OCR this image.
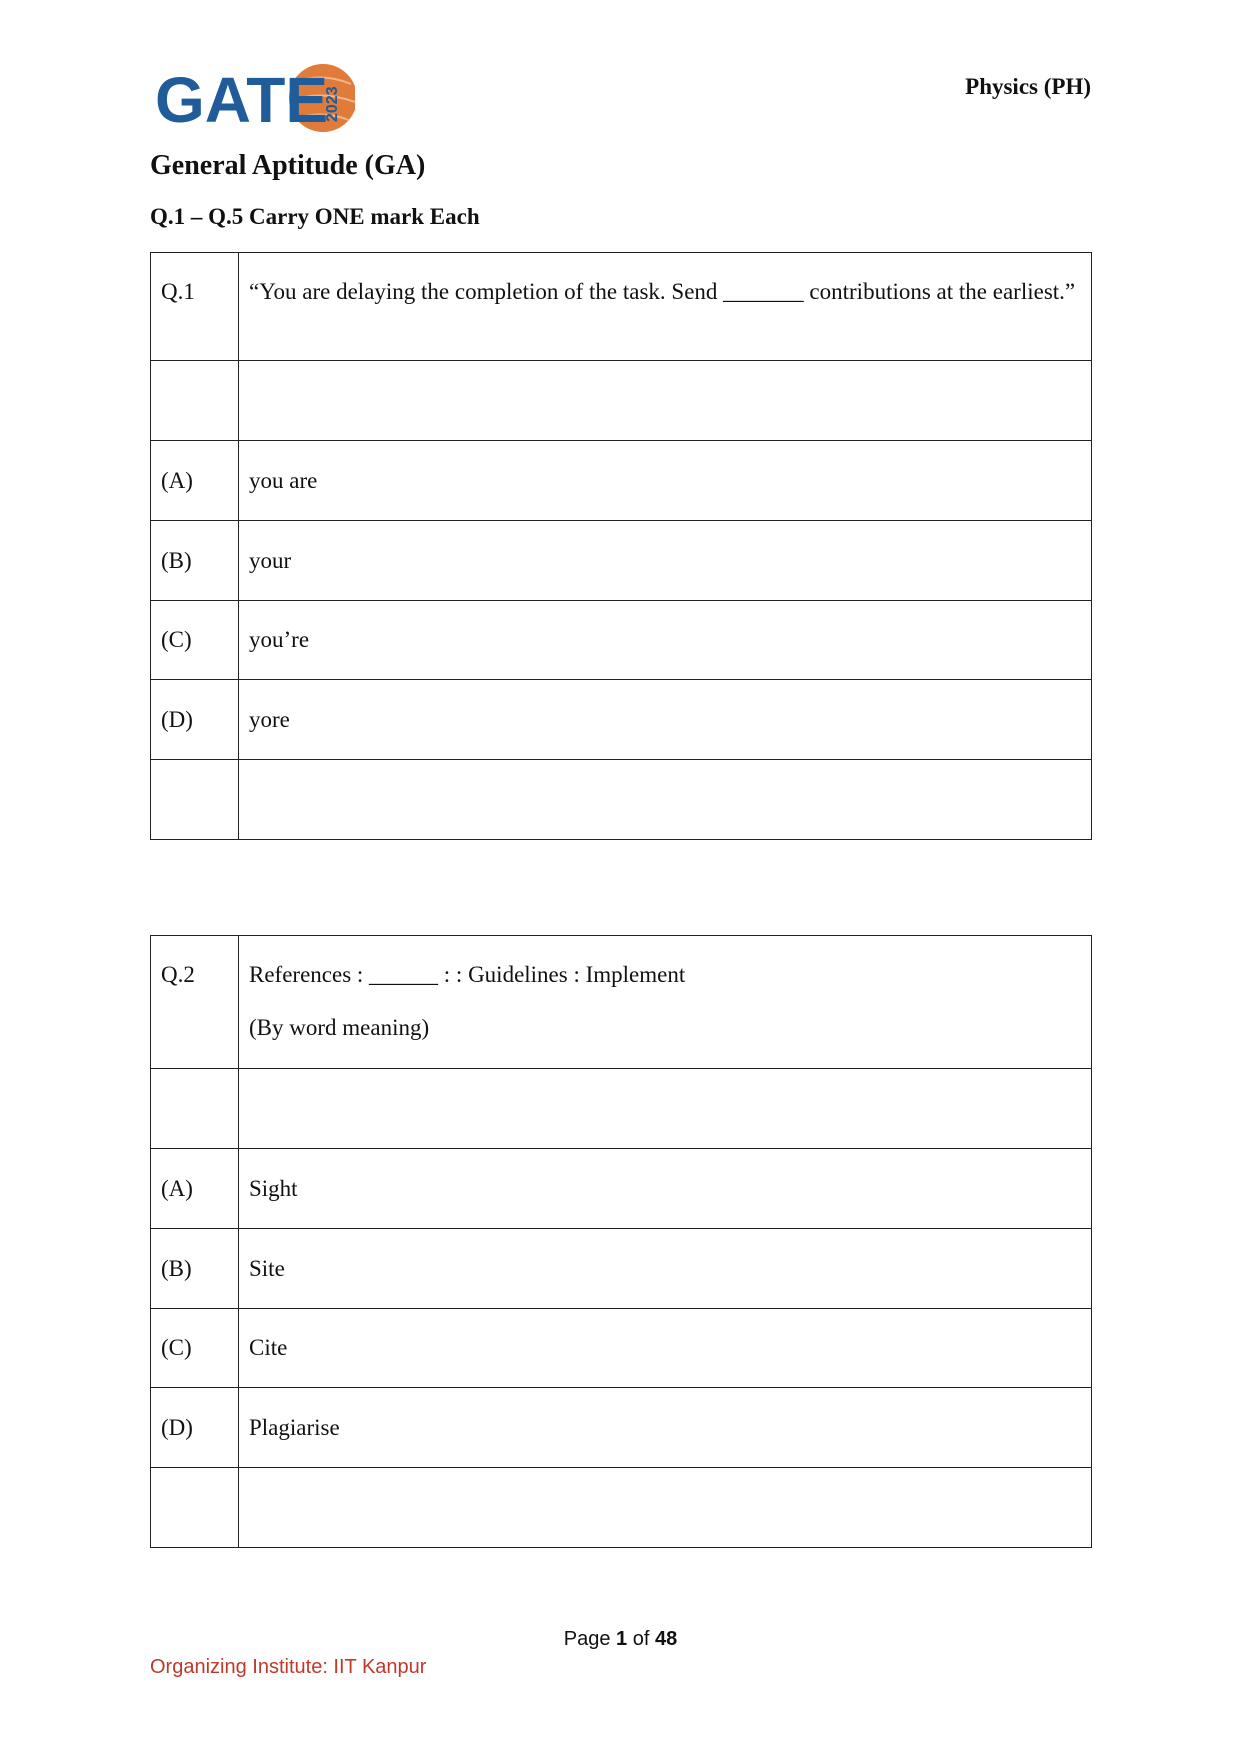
GATE
2023	Physics (PH)
General Aptitude (GA)
Q.1 – Q.5 Carry ONE mark Each
Q.1	“You are delaying the completion of the task. Send _______ contributions at the earliest.”

(A)	you are
(B)	your
(C)	you’re
(D)	yore

Q.2	References : ______ : : Guidelines : Implement
(By word meaning)

(A)	Sight
(B)	Site
(C)	Cite
(D)	Plagiarise

Page 1 of 48
Organizing Institute: IIT Kanpur
